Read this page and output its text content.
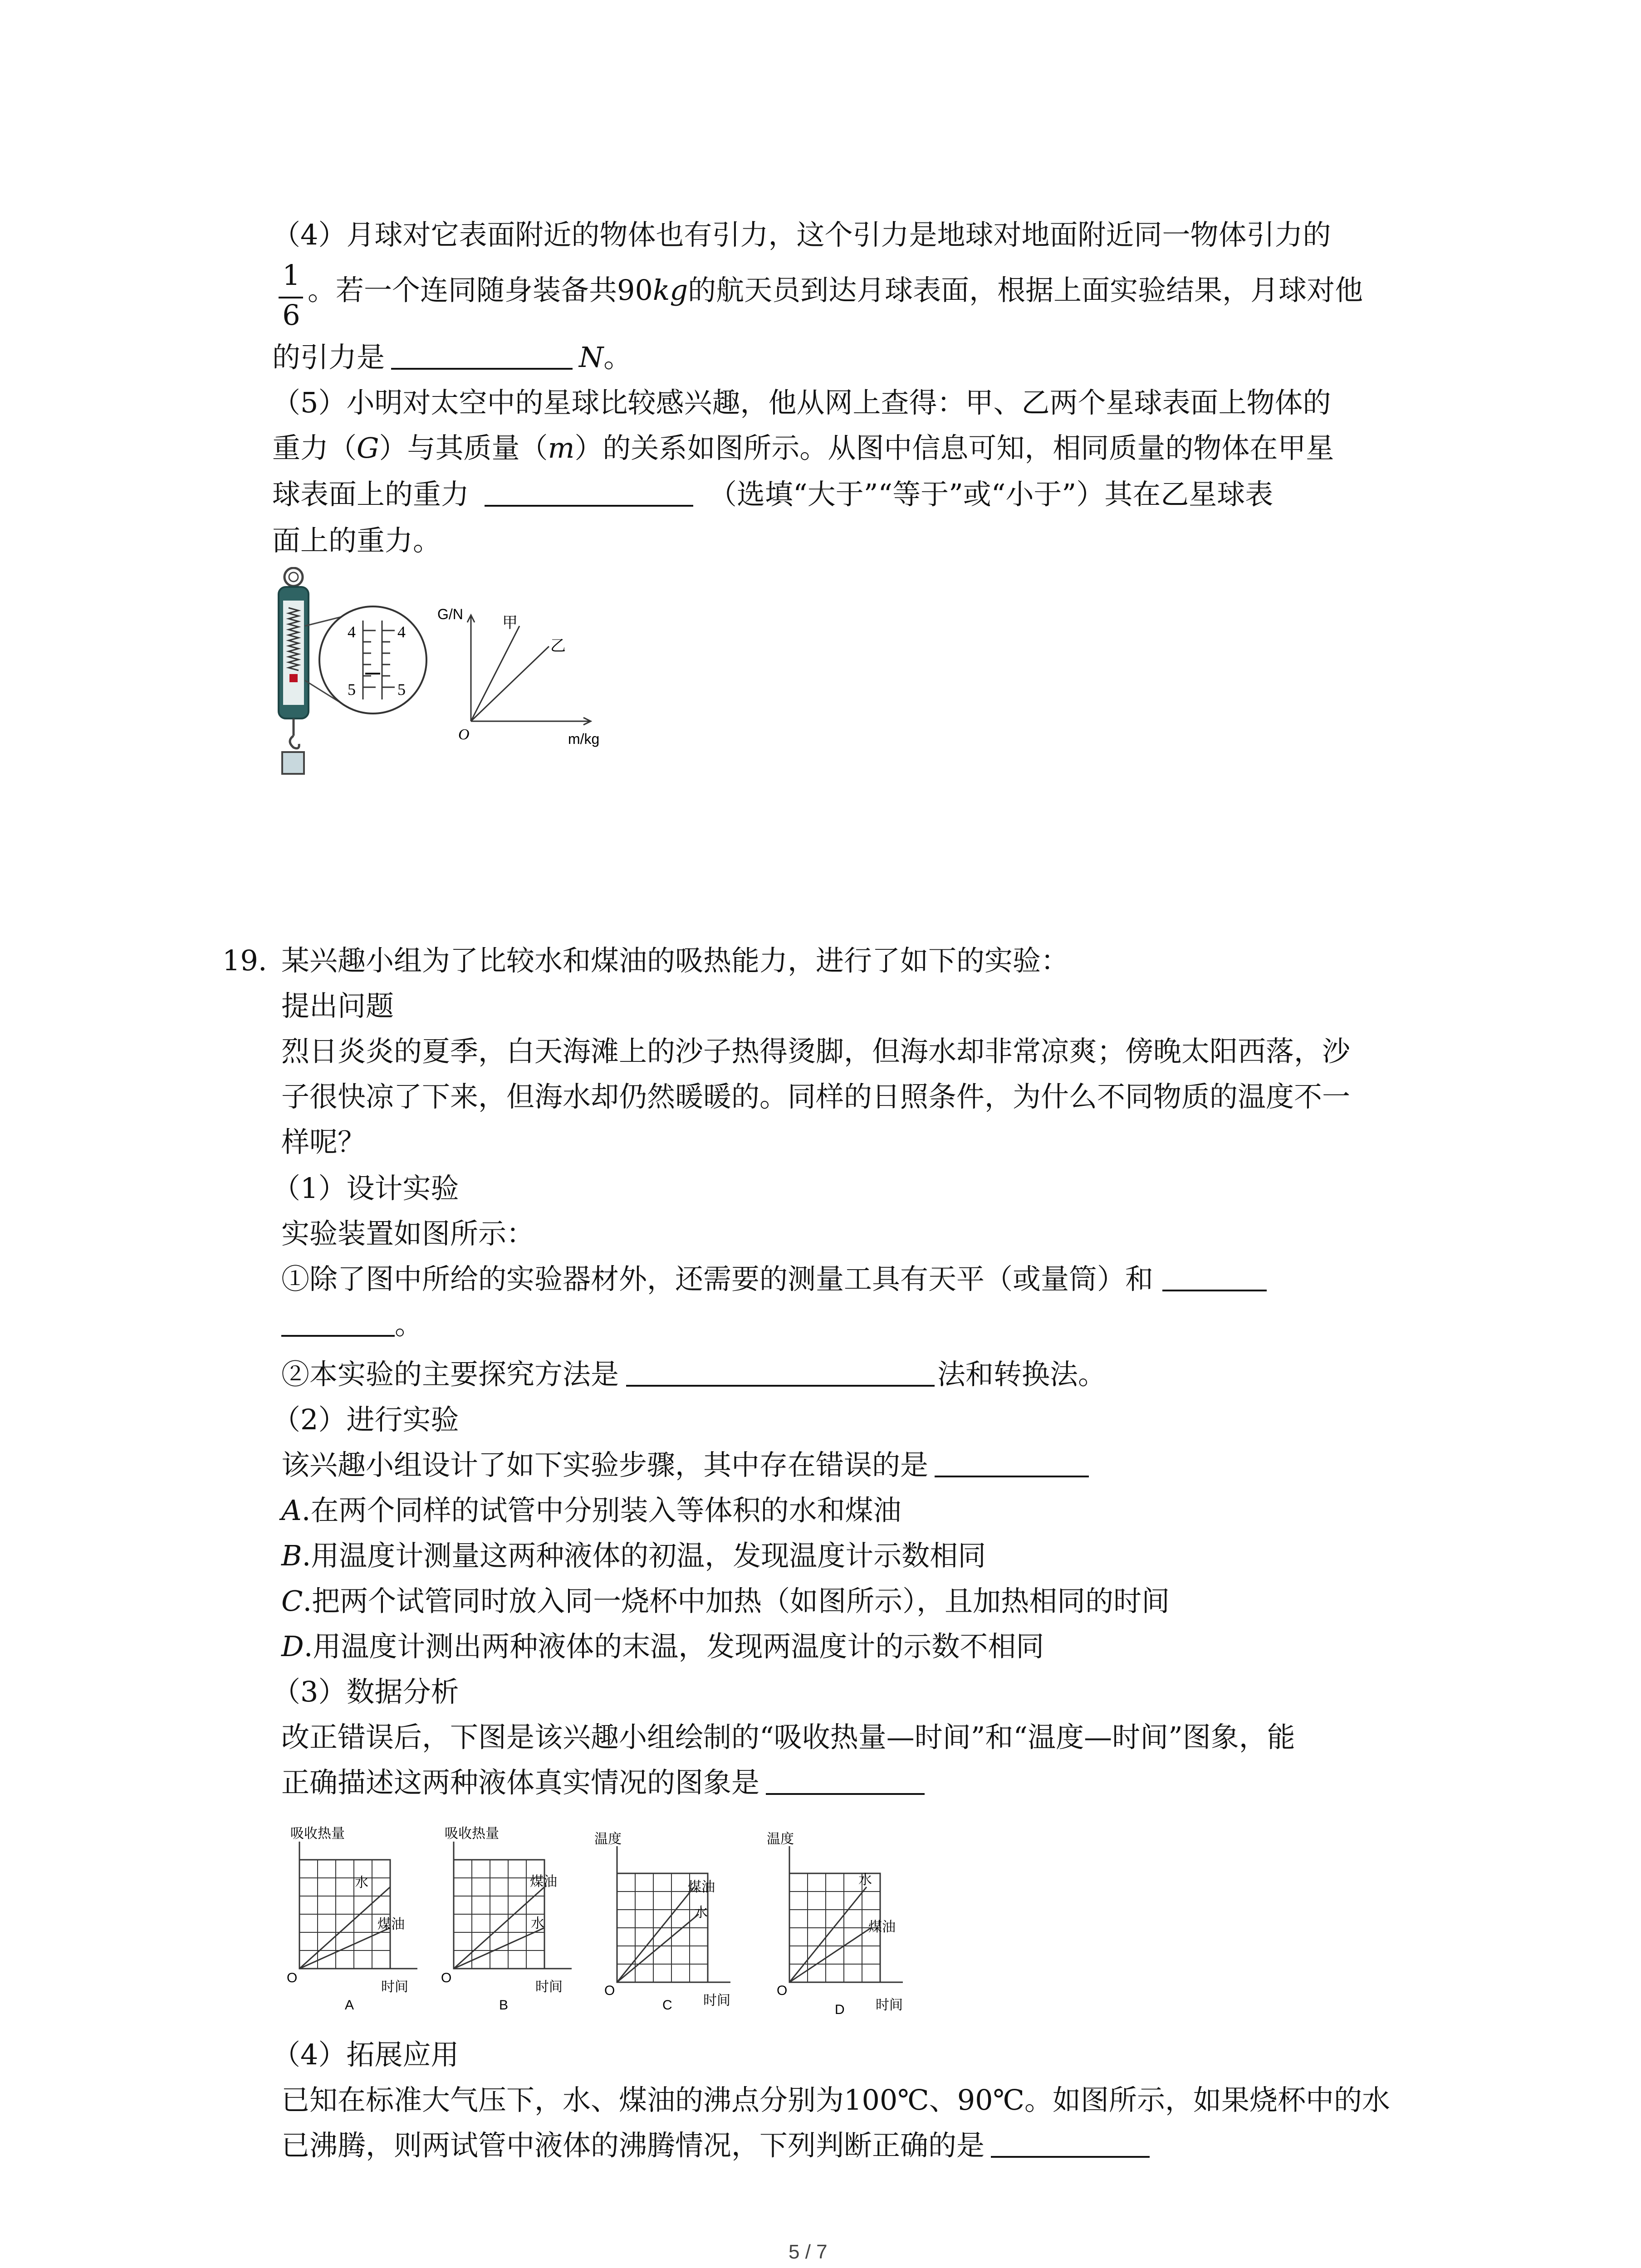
（4）月球对它表面附近的物体也有引力，这个引力是地球对地面附近同一物体引力的
1
6
。若一个连同随身装备共90kg的航天员到达月球表面，根据上面实验结果，月球对他
的引力是	N。
（5）小明对太空中的星球比较感兴趣，他从网上查得：甲、乙两个星球表面上物体的
重力（G）与其质量（m）的关系如图所示。从图中信息可知，相同质量的物体在甲星
球表面上的重力	（选填“大于”“等于”或“小于”）其在乙星球表
面上的重力。
4	4
5	5
G/N
m/kg
O
甲
乙
19. 某兴趣小组为了比较水和煤油的吸热能力，进行了如下的实验：
提出问题
烈日炎炎的夏季，白天海滩上的沙子热得烫脚，但海水却非常凉爽；傍晚太阳西落，沙
子很快凉了下来，但海水却仍然暖暖的。同样的日照条件，为什么不同物质的温度不一
样呢？
（1）设计实验
实验装置如图所示：
①除了图中所给的实验器材外，还需要的测量工具有天平（或量筒）和
。
②本实验的主要探究方法是	法和转换法。
（2）进行实验
该兴趣小组设计了如下实验步骤，其中存在错误的是
A.在两个同样的试管中分别装入等体积的水和煤油
B.用温度计测量这两种液体的初温，发现温度计示数相同
C.把两个试管同时放入同一烧杯中加热（如图所示），且加热相同的时间
D.用温度计测出两种液体的末温，发现两温度计的示数不相同
（3）数据分析
改正错误后，下图是该兴趣小组绘制的“吸收热量—时间”和“温度—时间”图象，能
正确描述这两种液体真实情况的图象是
吸收热量
时间
O
A
水
煤油
吸收热量
时间
O
B
煤油
水
温度
时间
O
C
煤油
水
温度
时间
O
D
水
煤油
（4）拓展应用
已知在标准大气压下，水、煤油的沸点分别为100℃、90℃。如图所示，如果烧杯中的水
已沸腾，则两试管中液体的沸腾情况，下列判断正确的是
5 / 7
